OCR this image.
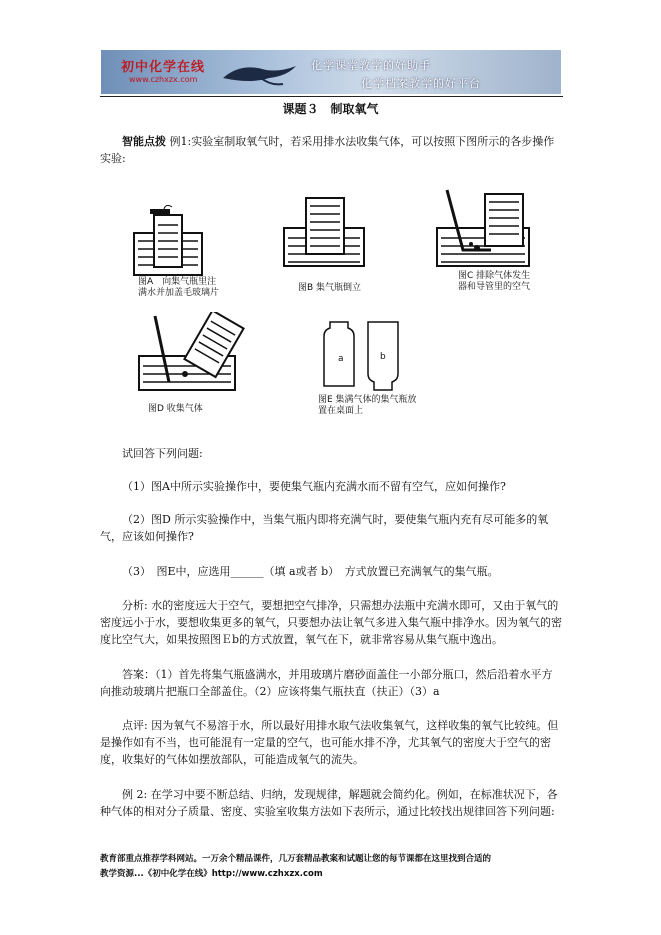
初中化学在线
www.czhxzx.com
化学课堂教学的好助手
化学档案教学的好平台
课题３　制取氧气
智能点拨 例1:实验室制取氧气时，若采用排水法收集气体，可以按照下图所示的各步操作实验:
图A　向集气瓶里注满水并加盖毛玻璃片	图B 集气瓶倒立
图C 排除气体发生器和导管里的空气
图D 收集气体
a	b
图E 集满气体的集气瓶放置在桌面上
试回答下列问题:
（1）图A中所示实验操作中，要使集气瓶内充满水而不留有空气，应如何操作?
（2）图D 所示实验操作中，当集气瓶内即将充满气时，要使集气瓶内充有尽可能多的氧气，应该如何操作?
（3）　图E中，应选用______（填 a或者 b）　方式放置已充满氧气的集气瓶。
分析: 水的密度远大于空气，要想把空气排净，只需想办法瓶中充满水即可，又由于氧气的密度远小于水，要想收集更多的氧气，只要想办法让氧气多进入集气瓶中排净水。因为氧气的密度比空气大，如果按照图Ｅb的方式放置，氧气在下，就非常容易从集气瓶中逸出。
答案：（1）首先将集气瓶盛满水，并用玻璃片磨砂面盖住一小部分瓶口，然后沿着水平方向推动玻璃片把瓶口全部盖住。（2）应该将集气瓶扶直（扶正）（3）a
点评: 因为氧气不易溶于水，所以最好用排水取气法收集氧气，这样收集的氧气比较纯。但是操作如有不当，也可能混有一定量的空气，也可能水排不净，尤其氧气的密度大于空气的密度，收集好的气体如摆放部队，可能造成氧气的流失。
例 2: 在学习中要不断总结、归纳，发现规律，解题就会简约化。例如，在标准状况下，各种气体的相对分子质量、密度、实验室收集方法如下表所示，通过比较找出规律回答下列问题:
教育部重点推荐学科网站。一万余个精品课件，几万套精品教案和试题让您的每节课都在这里找到合适的
教学资源...《初中化学在线》http://www.czhxzx.com
